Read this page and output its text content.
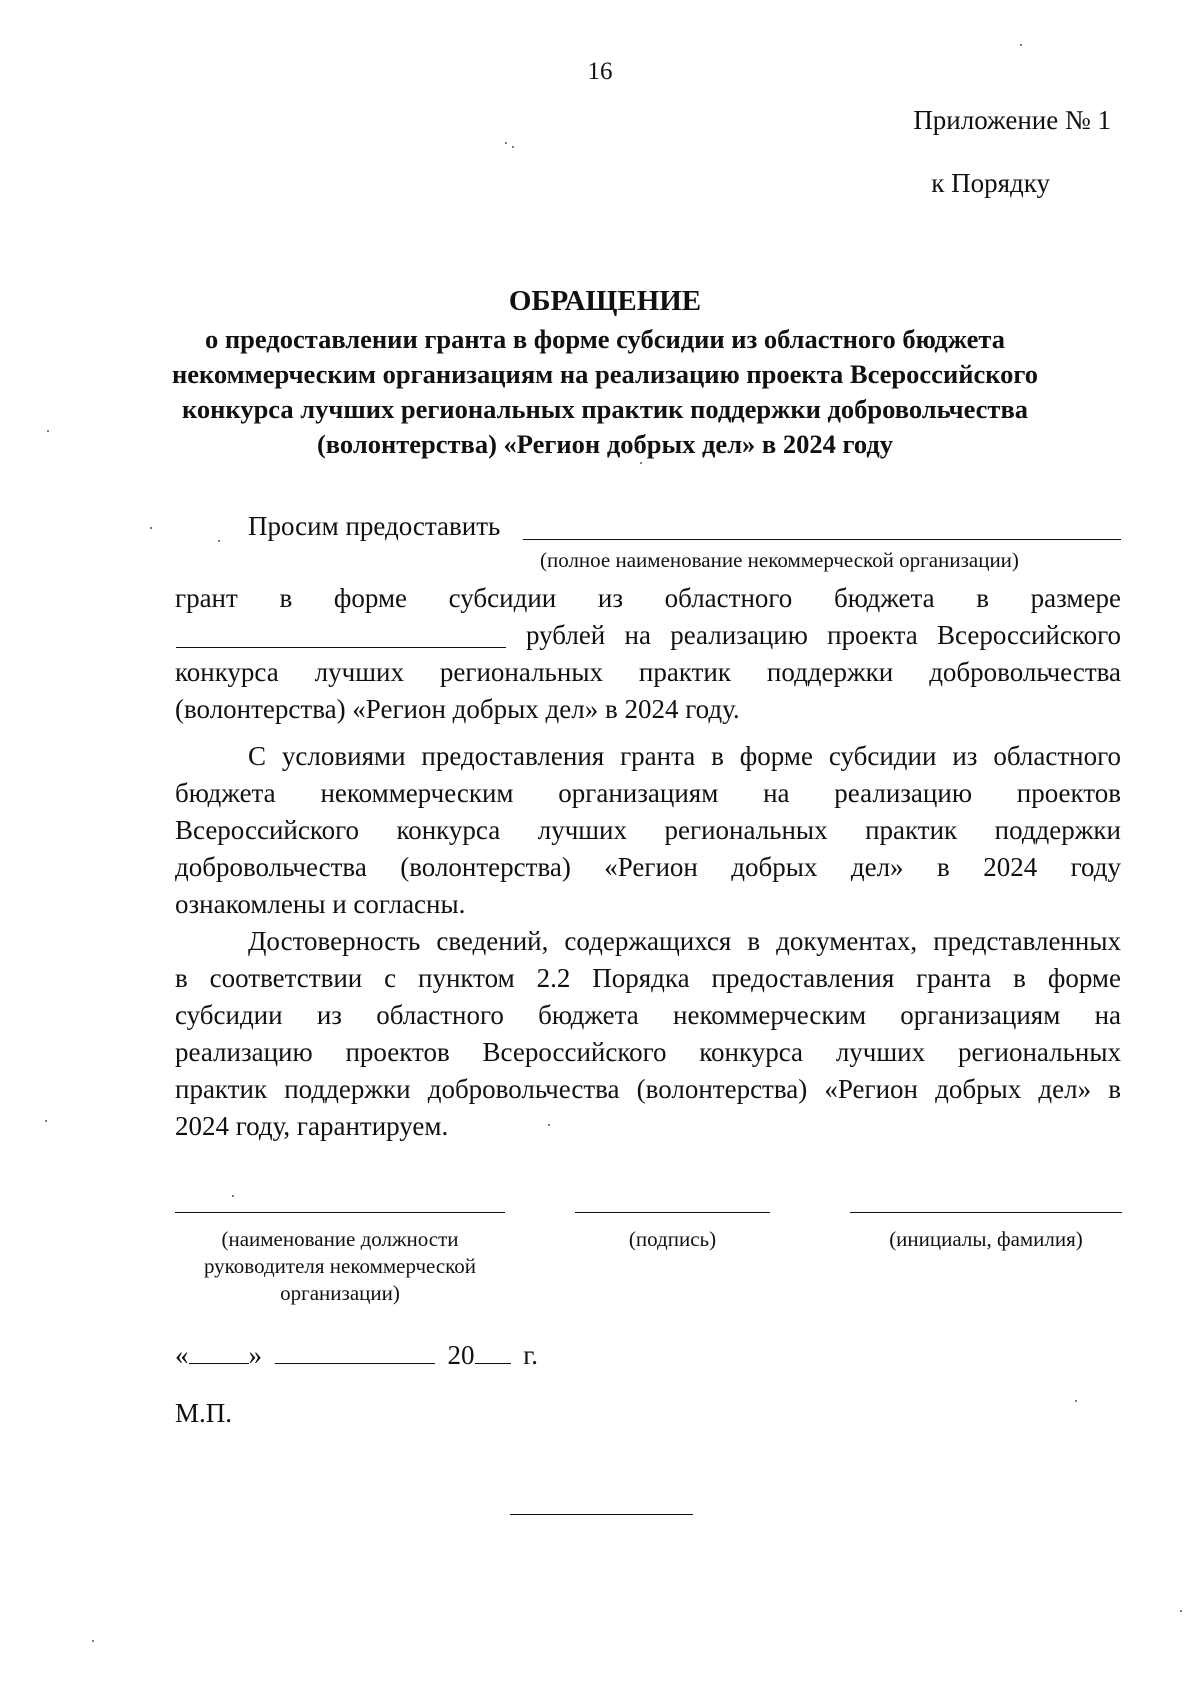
16
Приложение № 1
к Порядку
ОБРАЩЕНИЕ
о предоставлении гранта в форме субсидии из областного бюджета
некоммерческим организациям на реализацию проекта Всероссийского
конкурса лучших региональных практик поддержки добровольчества
(волонтерства) «Регион добрых дел» в 2024 году
Просим предоставить
(полное наименование некоммерческой организации)
грант в форме субсидии из областного бюджета в размере
рублей на реализацию проекта Всероссийского
конкурса лучших региональных практик поддержки добровольчества
(волонтерства) «Регион добрых дел» в 2024 году.
С условиями предоставления гранта в форме субсидии из областного
бюджета некоммерческим организациям на реализацию проектов
Всероссийского конкурса лучших региональных практик поддержки
добровольчества (волонтерства) «Регион добрых дел» в 2024 году
ознакомлены и согласны.
Достоверность сведений, содержащихся в документах, представленных
в соответствии с пунктом 2.2 Порядка предоставления гранта в форме
субсидии из областного бюджета некоммерческим организациям на
реализацию проектов Всероссийского конкурса лучших региональных
практик поддержки добровольчества (волонтерства) «Регион добрых дел» в
2024 году, гарантируем.
(наименование должности
руководителя некоммерческой
организации)
(подпись)	(инициалы, фамилия)
« »	20 г.
М.П.
